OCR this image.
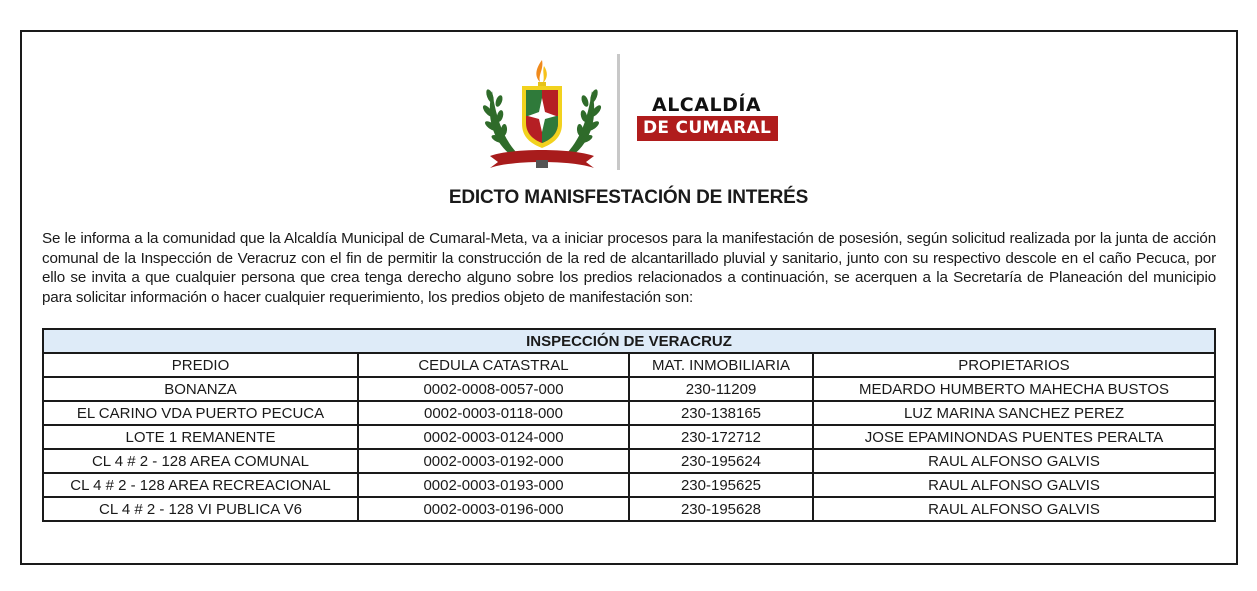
ALCALDÍA
DE CUMARAL
EDICTO MANISFESTACIÓN DE INTERÉS

Se le informa a la comunidad que la Alcaldía Municipal de Cumaral-Meta, va a iniciar procesos para la manifestación de posesión, según solicitud realizada por la junta de acción comunal de la Inspección de Veracruz con el fin de permitir la construcción de la red de alcantarillado pluvial y sanitario, junto con su respectivo descole en el caño Pecuca, por ello se invita a que cualquier persona que crea tenga derecho alguno sobre los predios relacionados a continuación, se acerquen a la Secretaría de Planeación del municipio para solicitar información o hacer cualquier requerimiento, los predios objeto de manifestación son:

INSPECCIÓN DE VERACRUZ			
PREDIO	CEDULA CATASTRAL	MAT. INMOBILIARIA	PROPIETARIOS
BONANZA	0002-0008-0057-000	230-11209	MEDARDO HUMBERTO MAHECHA BUSTOS
EL CARINO VDA PUERTO PECUCA	0002-0003-0118-000	230-138165	LUZ MARINA SANCHEZ PEREZ
LOTE 1 REMANENTE	0002-0003-0124-000	230-172712	JOSE EPAMINONDAS PUENTES PERALTA
CL 4 # 2 - 128 AREA COMUNAL	0002-0003-0192-000	230-195624	RAUL ALFONSO GALVIS
CL 4 # 2 - 128 AREA RECREACIONAL	0002-0003-0193-000	230-195625	RAUL ALFONSO GALVIS
CL 4 # 2 - 128 VI PUBLICA V6	0002-0003-0196-000	230-195628	RAUL ALFONSO GALVIS
